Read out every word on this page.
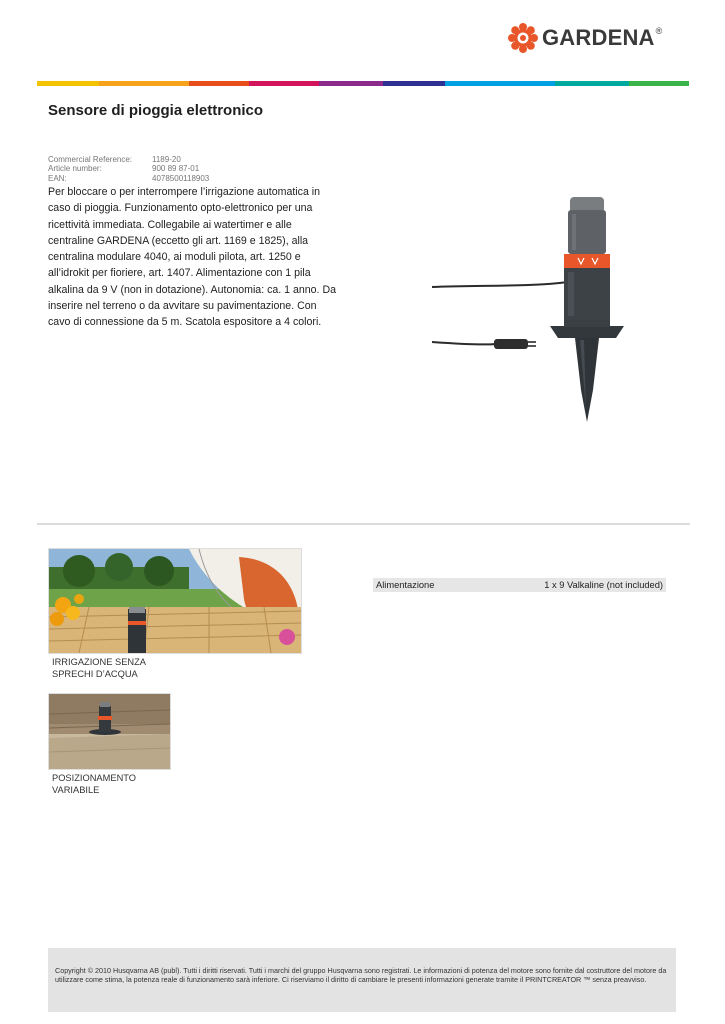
GARDENA ®
Sensore di pioggia elettronico
Commercial Reference:	1189-20
Article number:	900 89 87-01
EAN:	4078500118903
Per bloccare o per interrompere l’irrigazione automatica in caso di pioggia. Funzionamento opto-elettronico per una ricettività immediata. Collegabile ai watertimer e alle centraline GARDENA (eccetto gli art. 1169 e 1825), alla centralina modulare 4040, ai moduli pilota, art. 1250 e all’idrokit per fioriere, art. 1407. Alimentazione con 1 pila alkalina da 9 V (non in dotazione). Autonomia: ca. 1 anno. Da inserire nel terreno o da avvitare su pavimentazione. Con cavo di connessione da 5 m. Scatola espositore a 4 colori.
IRRIGAZIONE SENZA
SPRECHI D’ACQUA
POSIZIONAMENTO
VARIABILE
Alimentazione	1 x 9 Valkaline (not included)

Copyright © 2010 Husqvarna AB (publ). Tutti i diritti riservati. Tutti i marchi del gruppo Husqvarna sono registrati. Le informazioni di potenza del motore sono fornite dal costruttore del motore da utilizzare come stima, la potenza reale di funzionamento sarà inferiore. Ci riserviamo il diritto di cambiare le presenti informazioni generate tramite il PRINTCREATOR ™ senza preavviso.
